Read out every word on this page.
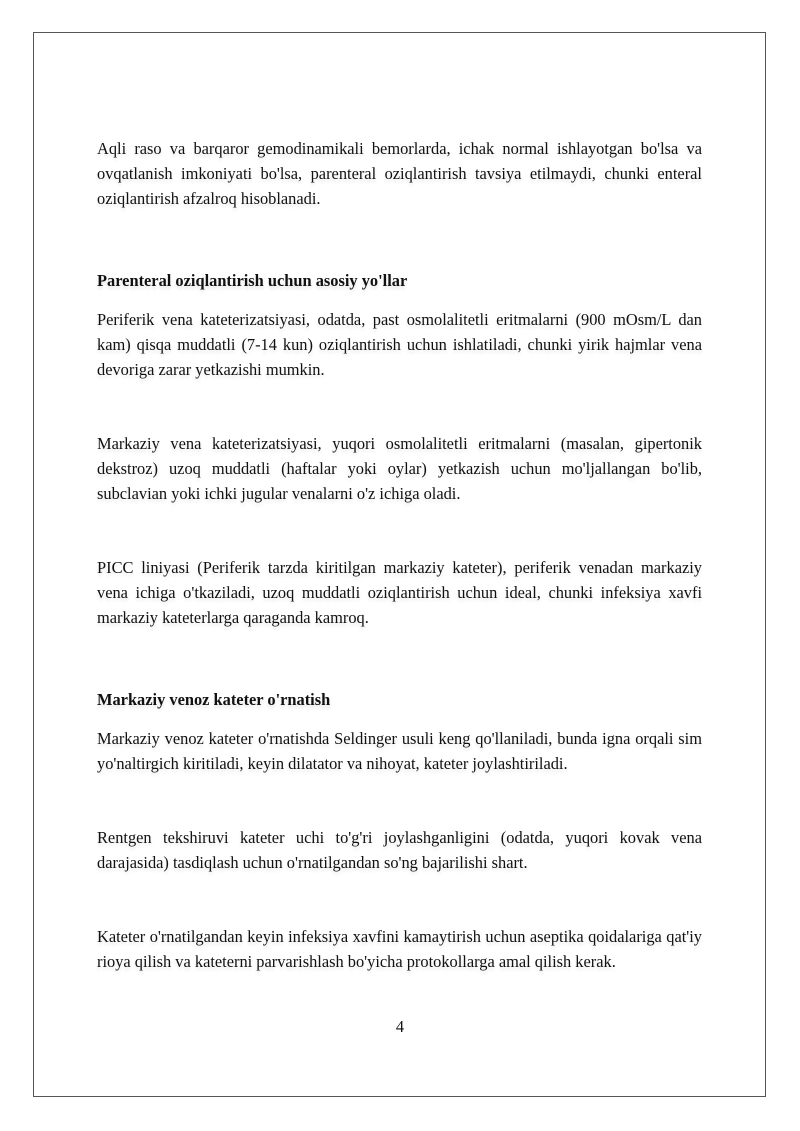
Aqli raso va barqaror gemodinamikali bemorlarda, ichak normal ishlayotgan bo'lsa va ovqatlanish imkoniyati bo'lsa, parenteral oziqlantirish tavsiya etilmaydi, chunki enteral oziqlantirish afzalroq hisoblanadi.

Parenteral oziqlantirish uchun asosiy yo'llar

Periferik vena kateterizatsiyasi, odatda, past osmolalitetli eritmalarni (900 mOsm/L dan kam) qisqa muddatli (7-14 kun) oziqlantirish uchun ishlatiladi, chunki yirik hajmlar vena devoriga zarar yetkazishi mumkin.

Markaziy vena kateterizatsiyasi, yuqori osmolalitetli eritmalarni (masalan, gipertonik dekstroz) uzoq muddatli (haftalar yoki oylar) yetkazish uchun mo'ljallangan bo'lib, subclavian yoki ichki jugular venalarni o'z ichiga oladi.

PICC liniyasi (Periferik tarzda kiritilgan markaziy kateter), periferik venadan markaziy vena ichiga o'tkaziladi, uzoq muddatli oziqlantirish uchun ideal, chunki infeksiya xavfi markaziy kateterlarga qaraganda kamroq.

Markaziy venoz kateter o'rnatish

Markaziy venoz kateter o'rnatishda Seldinger usuli keng qo'llaniladi, bunda igna orqali sim yo'naltirgich kiritiladi, keyin dilatator va nihoyat, kateter joylashtiriladi.

Rentgen tekshiruvi kateter uchi to'g'ri joylashganligini (odatda, yuqori kovak vena darajasida) tasdiqlash uchun o'rnatilgandan so'ng bajarilishi shart.

Kateter o'rnatilgandan keyin infeksiya xavfini kamaytirish uchun aseptika qoidalariga qat'iy rioya qilish va kateterni parvarishlash bo'yicha protokollarga amal qilish kerak.

4
